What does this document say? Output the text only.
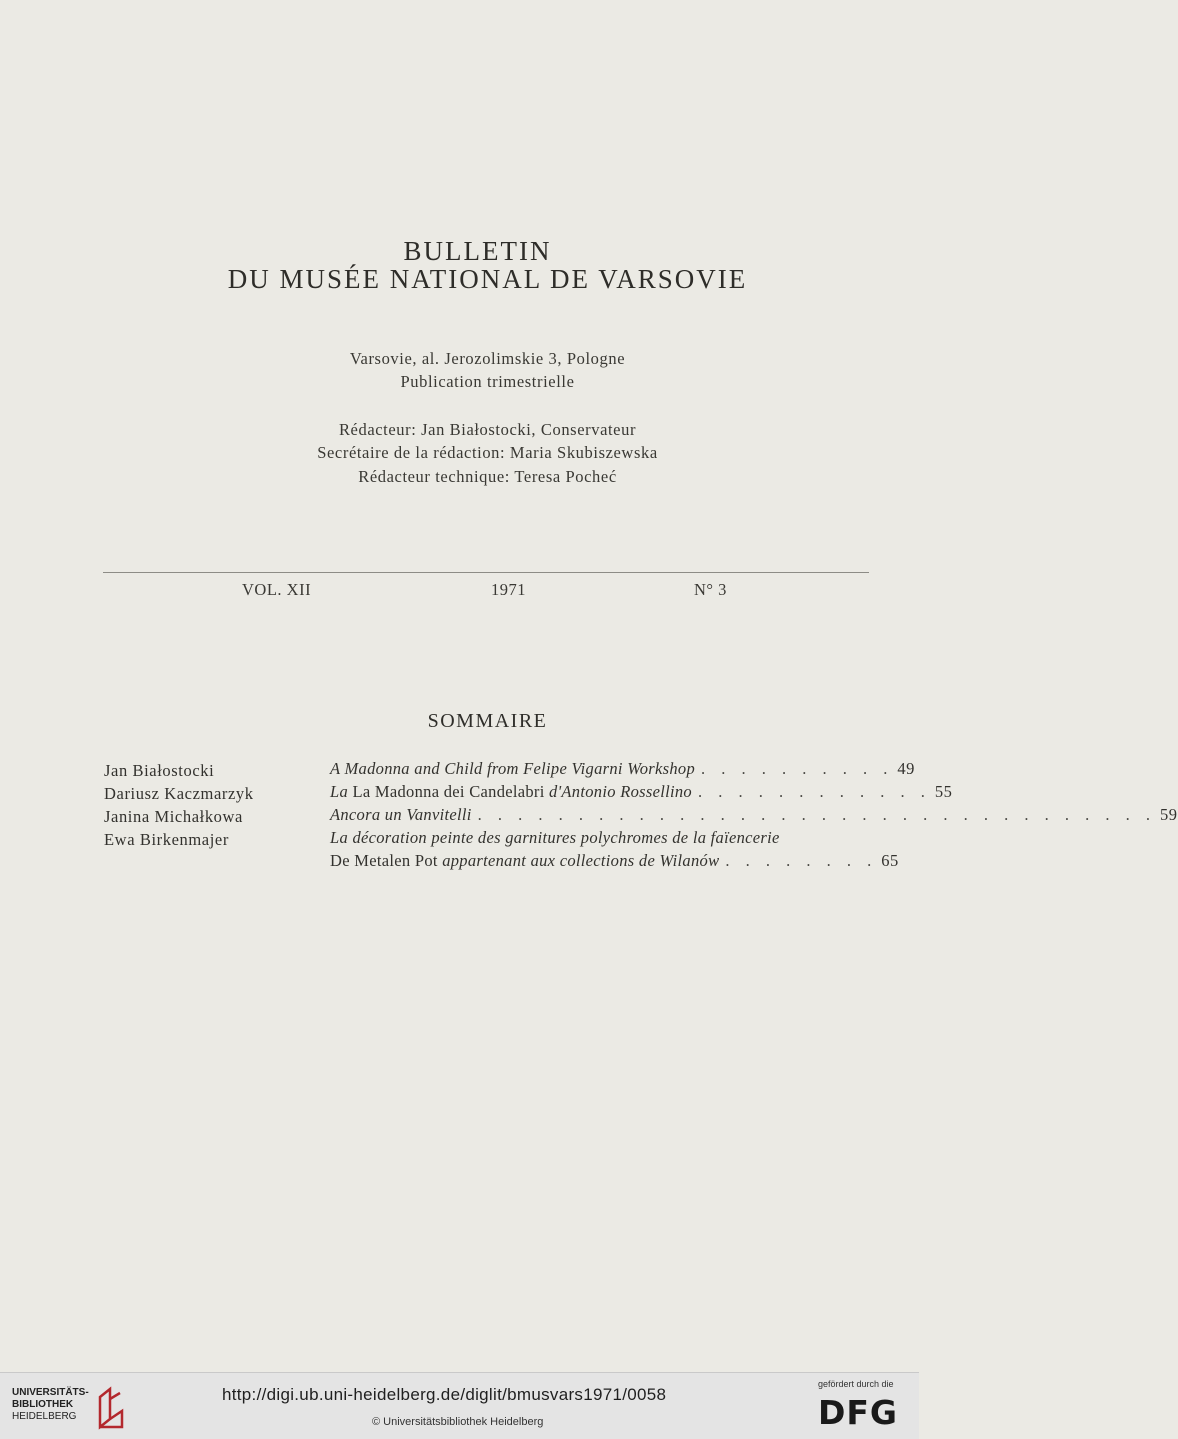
BULLETIN
DU MUSÉE NATIONAL DE VARSOVIE
Varsovie, al. Jerozolimskie 3, Pologne
Publication trimestrielle
Rédacteur: Jan Białostocki, Conservateur
Secrétaire de la rédaction: Maria Skubiszewska
Rédacteur technique: Teresa Pocheć
VOL. XII	1971	N° 3
SOMMAIRE
Jan Białostocki
Dariusz Kaczmarzyk
Janina Michałkowa
Ewa Birkenmajer
A Madonna and Child from Felipe Vigarni Workshop . . . . . . . . . . 49
La La Madonna dei Candelabri d'Antonio Rossellino . . . . . . . . . . . . 55
Ancora un Vanvitelli . . . . . . . . . . . . . . . . . . . . . . . . . . . . . . . . . . 59
La décoration peinte des garnitures polychromes de la faïencerie
De Metalen Pot appartenant aux collections de Wilanów . . . . . . . . 65
UNIVERSITÄTS-
BIBLIOTHEK
HEIDELBERG
http://digi.ub.uni-heidelberg.de/diglit/bmusvars1971/0058
© Universitätsbibliothek Heidelberg
gefördert durch die
DFG
